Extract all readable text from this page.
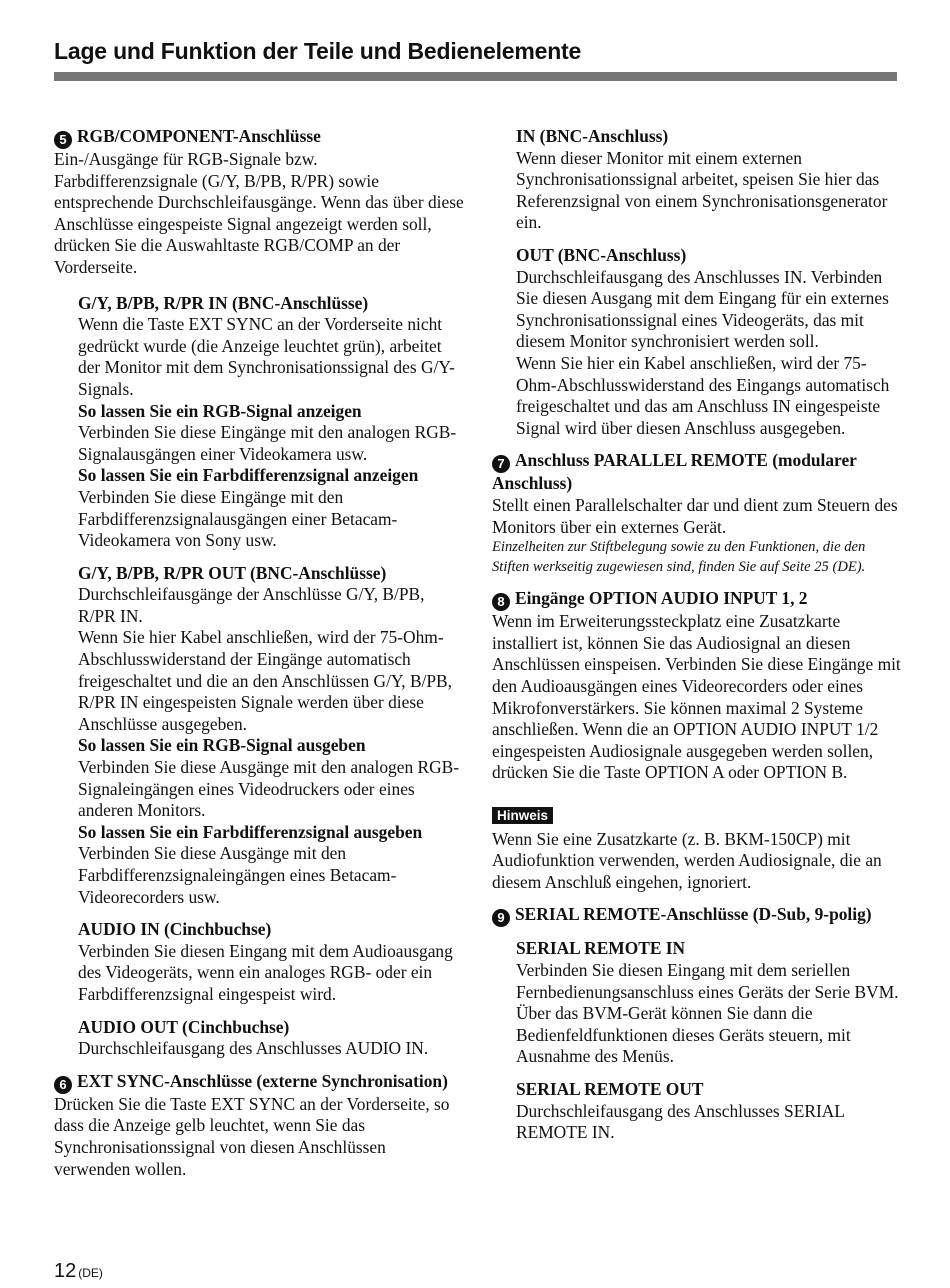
Lage und Funktion der Teile und Bedienelemente

5 RGB/COMPONENT-Anschlüsse

Ein-/Ausgänge für RGB-Signale bzw. Farbdifferenzsignale (G/Y, B/PB, R/PR) sowie entsprechende Durchschleifausgänge. Wenn das über diese Anschlüsse eingespeiste Signal angezeigt werden soll, drücken Sie die Auswahltaste RGB/COMP an der Vorderseite.

G/Y, B/PB, R/PR IN (BNC-Anschlüsse)

Wenn die Taste EXT SYNC an der Vorderseite nicht gedrückt wurde (die Anzeige leuchtet grün), arbeitet der Monitor mit dem Synchronisationssignal des G/Y-Signals.

So lassen Sie ein RGB-Signal anzeigen

Verbinden Sie diese Eingänge mit den analogen RGB-Signalausgängen einer Videokamera usw.

So lassen Sie ein Farbdifferenzsignal anzeigen

Verbinden Sie diese Eingänge mit den Farbdifferenzsignalausgängen einer Betacam-Videokamera von Sony usw.

G/Y, B/PB, R/PR OUT (BNC-Anschlüsse)

Durchschleifausgänge der Anschlüsse G/Y, B/PB, R/PR IN.

Wenn Sie hier Kabel anschließen, wird der 75-Ohm-Abschlusswiderstand der Eingänge automatisch freigeschaltet und die an den Anschlüssen G/Y, B/PB, R/PR IN eingespeisten Signale werden über diese Anschlüsse ausgegeben.

So lassen Sie ein RGB-Signal ausgeben

Verbinden Sie diese Ausgänge mit den analogen RGB-Signaleingängen eines Videodruckers oder eines anderen Monitors.

So lassen Sie ein Farbdifferenzsignal ausgeben

Verbinden Sie diese Ausgänge mit den Farbdifferenzsignaleingängen eines Betacam-Videorecorders usw.

AUDIO IN (Cinchbuchse)

Verbinden Sie diesen Eingang mit dem Audioausgang des Videogeräts, wenn ein analoges RGB- oder ein Farbdifferenzsignal eingespeist wird.

AUDIO OUT (Cinchbuchse)

Durchschleifausgang des Anschlusses AUDIO IN.

6 EXT SYNC-Anschlüsse (externe Synchronisation)

Drücken Sie die Taste EXT SYNC an der Vorderseite, so dass die Anzeige gelb leuchtet, wenn Sie das Synchronisationssignal von diesen Anschlüssen verwenden wollen.

IN (BNC-Anschluss)

Wenn dieser Monitor mit einem externen Synchronisationssignal arbeitet, speisen Sie hier das Referenzsignal von einem Synchronisationsgenerator ein.

OUT (BNC-Anschluss)

Durchschleifausgang des Anschlusses IN. Verbinden Sie diesen Ausgang mit dem Eingang für ein externes Synchronisationssignal eines Videogeräts, das mit diesem Monitor synchronisiert werden soll.

Wenn Sie hier ein Kabel anschließen, wird der 75-Ohm-Abschlusswiderstand des Eingangs automatisch freigeschaltet und das am Anschluss IN eingespeiste Signal wird über diesen Anschluss ausgegeben.

7 Anschluss PARALLEL REMOTE (modularer Anschluss)

Stellt einen Parallelschalter dar und dient zum Steuern des Monitors über ein externes Gerät.

Einzelheiten zur Stiftbelegung sowie zu den Funktionen, die den Stiften werkseitig zugewiesen sind, finden Sie auf Seite 25 (DE).

8 Eingänge OPTION AUDIO INPUT 1, 2

Wenn im Erweiterungssteckplatz eine Zusatzkarte installiert ist, können Sie das Audiosignal an diesen Anschlüssen einspeisen. Verbinden Sie diese Eingänge mit den Audioausgängen eines Videorecorders oder eines Mikrofonverstärkers. Sie können maximal 2 Systeme anschließen. Wenn die an OPTION AUDIO INPUT 1/2 eingespeisten Audiosignale ausgegeben werden sollen, drücken Sie die Taste OPTION A oder OPTION B.

Hinweis

Wenn Sie eine Zusatzkarte (z. B. BKM-150CP) mit Audiofunktion verwenden, werden Audiosignale, die an diesem Anschluß eingehen, ignoriert.

9 SERIAL REMOTE-Anschlüsse (D-Sub, 9-polig)

SERIAL REMOTE IN

Verbinden Sie diesen Eingang mit dem seriellen Fernbedienungsanschluss eines Geräts der Serie BVM. Über das BVM-Gerät können Sie dann die Bedienfeldfunktionen dieses Geräts steuern, mit Ausnahme des Menüs.

SERIAL REMOTE OUT

Durchschleifausgang des Anschlusses SERIAL REMOTE IN.

12 (DE)
